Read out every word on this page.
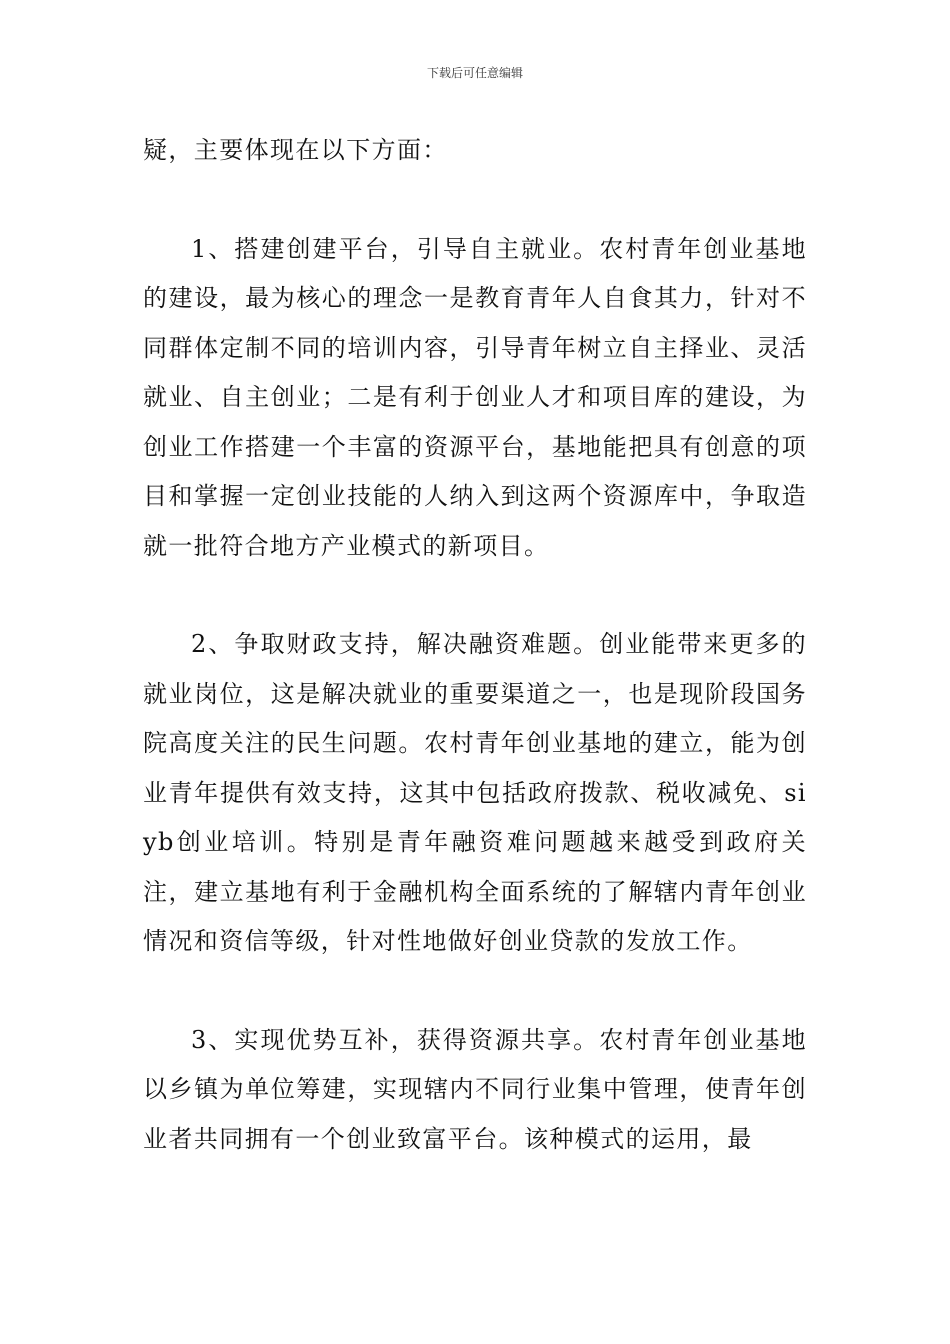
下载后可任意编辑

疑，主要体现在以下方面：

1、搭建创建平台，引导自主就业。农村青年创业基地的建设，最为核心的理念一是教育青年人自食其力，针对不同群体定制不同的培训内容，引导青年树立自主择业、灵活就业、自主创业；二是有利于创业人才和项目库的建设，为创业工作搭建一个丰富的资源平台，基地能把具有创意的项目和掌握一定创业技能的人纳入到这两个资源库中，争取造就一批符合地方产业模式的新项目。

2、争取财政支持，解决融资难题。创业能带来更多的就业岗位，这是解决就业的重要渠道之一，也是现阶段国务院高度关注的民生问题。农村青年创业基地的建立，能为创业青年提供有效支持，这其中包括政府拨款、税收减免、siyb创业培训。特别是青年融资难问题越来越受到政府关注，建立基地有利于金融机构全面系统的了解辖内青年创业情况和资信等级，针对性地做好创业贷款的发放工作。

3、实现优势互补，获得资源共享。农村青年创业基地以乡镇为单位筹建，实现辖内不同行业集中管理，使青年创业者共同拥有一个创业致富平台。该种模式的运用，最
